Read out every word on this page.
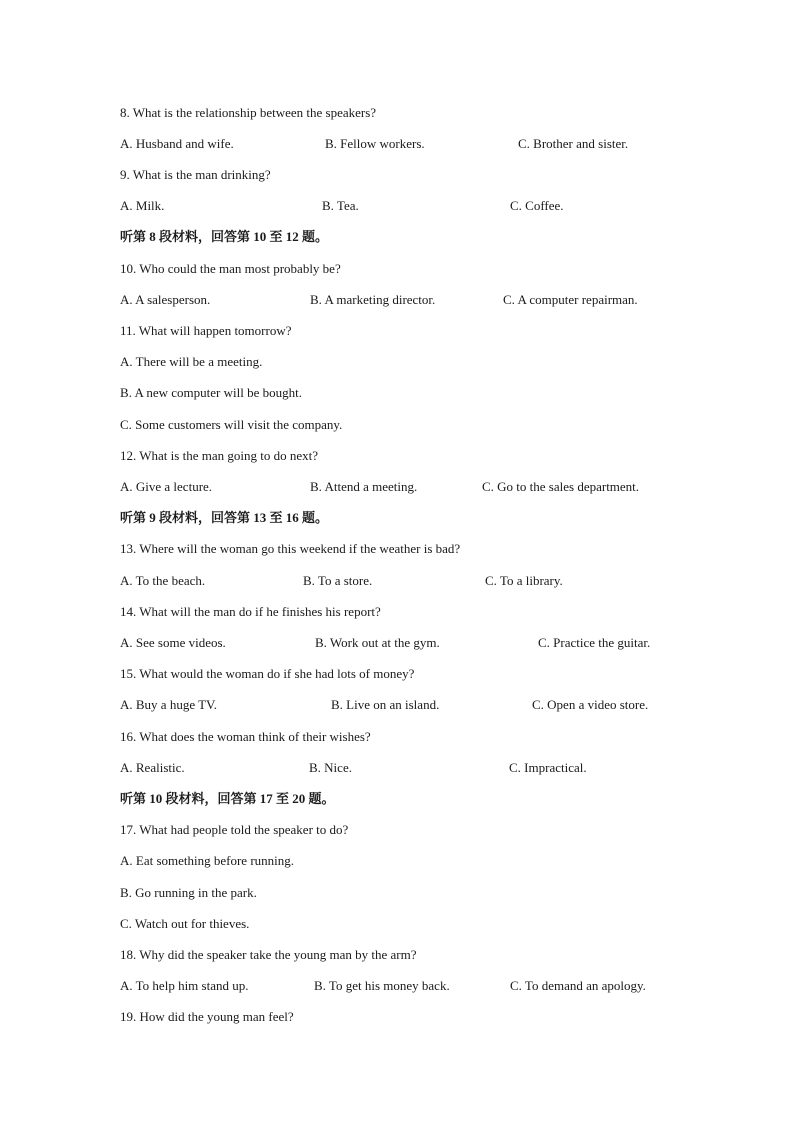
8. What is the relationship between the speakers?
A. Husband and wife.	B. Fellow workers.	C. Brother and sister.
9. What is the man drinking?
A. Milk.	B. Tea.	C. Coffee.
听第 8 段材料，回答第 10 至 12 题。
10. Who could the man most probably be?
A. A salesperson.	B. A marketing director.	C. A computer repairman.
11. What will happen tomorrow?
A. There will be a meeting.
B. A new computer will be bought.
C. Some customers will visit the company.
12. What is the man going to do next?
A. Give a lecture.	B. Attend a meeting.	C. Go to the sales department.
听第 9 段材料，回答第 13 至 16 题。
13. Where will the woman go this weekend if the weather is bad?
A. To the beach.	B. To a store.	C. To a library.
14. What will the man do if he finishes his report?
A. See some videos.	B. Work out at the gym.	C. Practice the guitar.
15. What would the woman do if she had lots of money?
A. Buy a huge TV.	B. Live on an island.	C. Open a video store.
16. What does the woman think of their wishes?
A. Realistic.	B. Nice.	C. Impractical.
听第 10 段材料，回答第 17 至 20 题。
17. What had people told the speaker to do?
A. Eat something before running.
B. Go running in the park.
C. Watch out for thieves.
18. Why did the speaker take the young man by the arm?
A. To help him stand up.	B. To get his money back.	C. To demand an apology.
19. How did the young man feel?
